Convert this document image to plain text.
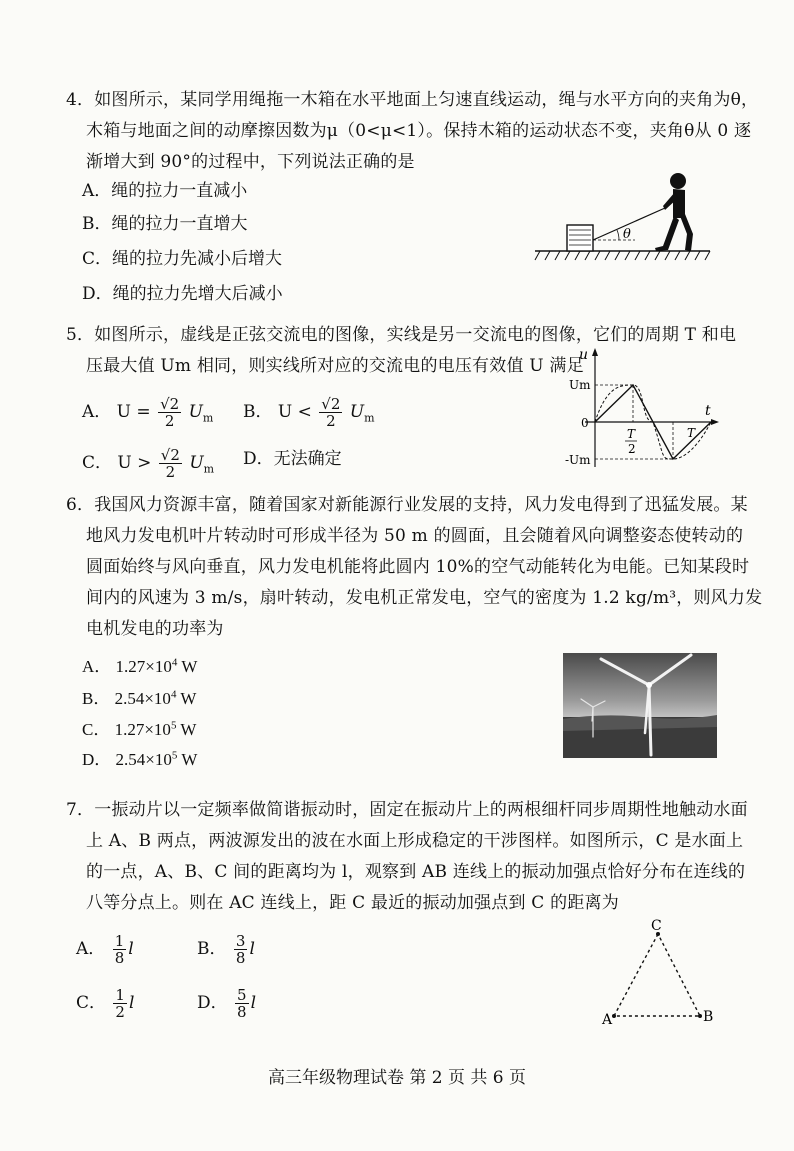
4．如图所示，某同学用绳拖一木箱在水平地面上匀速直线运动，绳与水平方向的夹角为θ，
木箱与地面之间的动摩擦因数为μ（0<μ<1）。保持木箱的运动状态不变，夹角θ从 0 逐
渐增大到 90°的过程中，下列说法正确的是
A．绳的拉力一直减小
B．绳的拉力一直增大
C．绳的拉力先减小后增大
D．绳的拉力先增大后减小
θ
5．如图所示，虚线是正弦交流电的图像，实线是另一交流电的图像，它们的周期 T 和电
压最大值 Um 相同，则实线所对应的交流电的电压有效值 U 满足
A． $U = \frac{√2}{2} U_m$ B． $U < \frac{√2}{2} U_m$
C． $U > \frac{√2}{2} U_m$ D．无法确定
u
t
Um
0
-Um
T
2
T
6．我国风力资源丰富，随着国家对新能源行业发展的支持，风力发电得到了迅猛发展。某
地风力发电机叶片转动时可形成半径为 50 m 的圆面，且会随着风向调整姿态使转动的
圆面始终与风向垂直，风力发电机能将此圆内 10%的空气动能转化为电能。已知某段时
间内的风速为 3 m/s，扇叶转动，发电机正常发电，空气的密度为 1.2 kg/m³，则风力发
电机发电的功率为
A． $1.27\times 10^4$ W
B． $2.54\times 10^4$ W
C． $1.27\times 10^5$ W
D． $2.54\times 10^5$ W
7．一振动片以一定频率做简谐振动时，固定在振动片上的两根细杆同步周期性地触动水面
上 A、B 两点，两波源发出的波在水面上形成稳定的干涉图样。如图所示，C 是水面上
的一点，A、B、C 间的距离均为 l，观察到 AB 连线上的振动加强点恰好分布在连线的
八等分点上。则在 AC 连线上，距 C 最近的振动加强点到 C 的距离为
A． $\frac{1}{8}$ l	B． $\frac{3}{8}$ l
C． $\frac{1}{2}$ l	D． $\frac{5}{8}$ l
C
A	B
高三年级物理试卷 第 2 页 共 6 页
